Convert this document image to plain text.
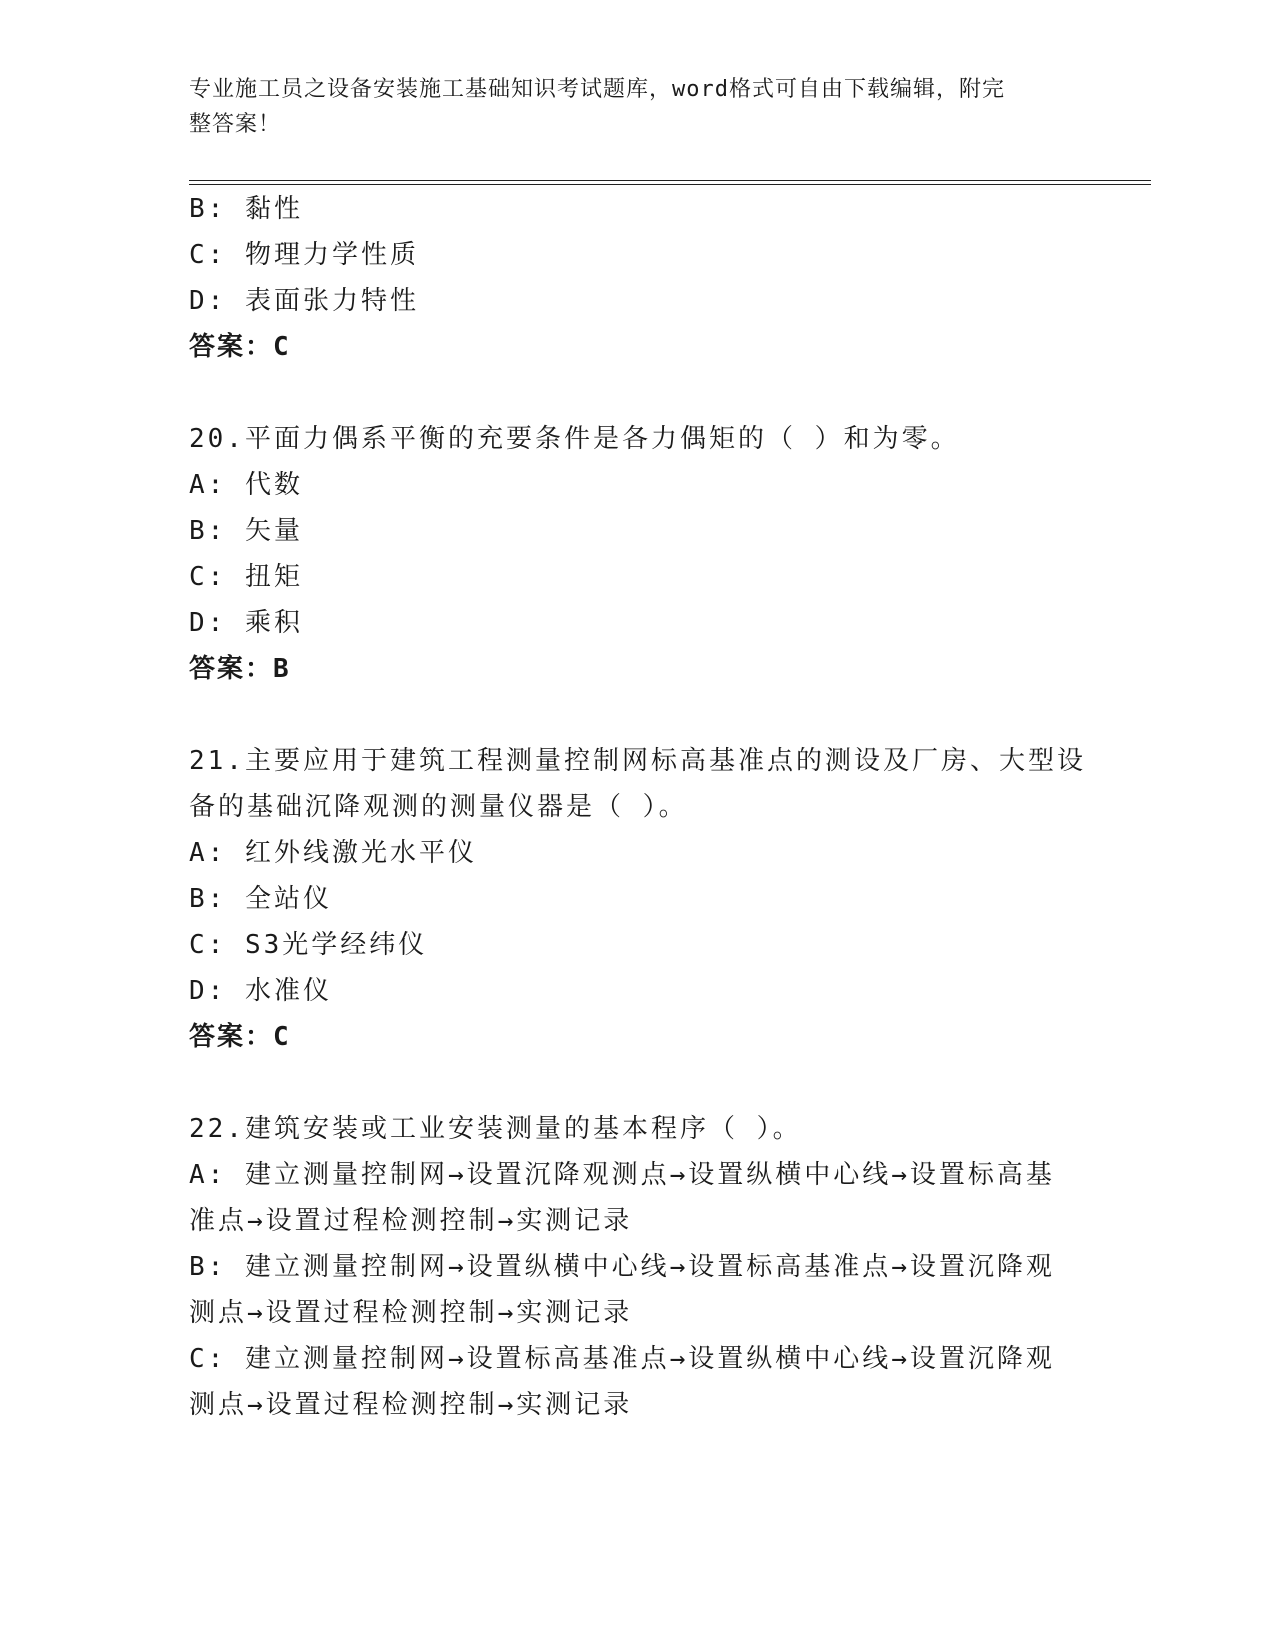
专业施工员之设备安装施工基础知识考试题库，word格式可自由下载编辑，附完
整答案！
B: 黏性
C: 物理力学性质
D: 表面张力特性
答案：C
20.平面力偶系平衡的充要条件是各力偶矩的（ ）和为零。
A: 代数
B: 矢量
C: 扭矩
D: 乘积
答案：B
21.主要应用于建筑工程测量控制网标高基准点的测设及厂房、大型设
备的基础沉降观测的测量仪器是（ ）。
A: 红外线激光水平仪
B: 全站仪
C: S3光学经纬仪
D: 水准仪
答案：C
22.建筑安装或工业安装测量的基本程序（ ）。
A: 建立测量控制网→设置沉降观测点→设置纵横中心线→设置标高基
准点→设置过程检测控制→实测记录
B: 建立测量控制网→设置纵横中心线→设置标高基准点→设置沉降观
测点→设置过程检测控制→实测记录
C: 建立测量控制网→设置标高基准点→设置纵横中心线→设置沉降观
测点→设置过程检测控制→实测记录
